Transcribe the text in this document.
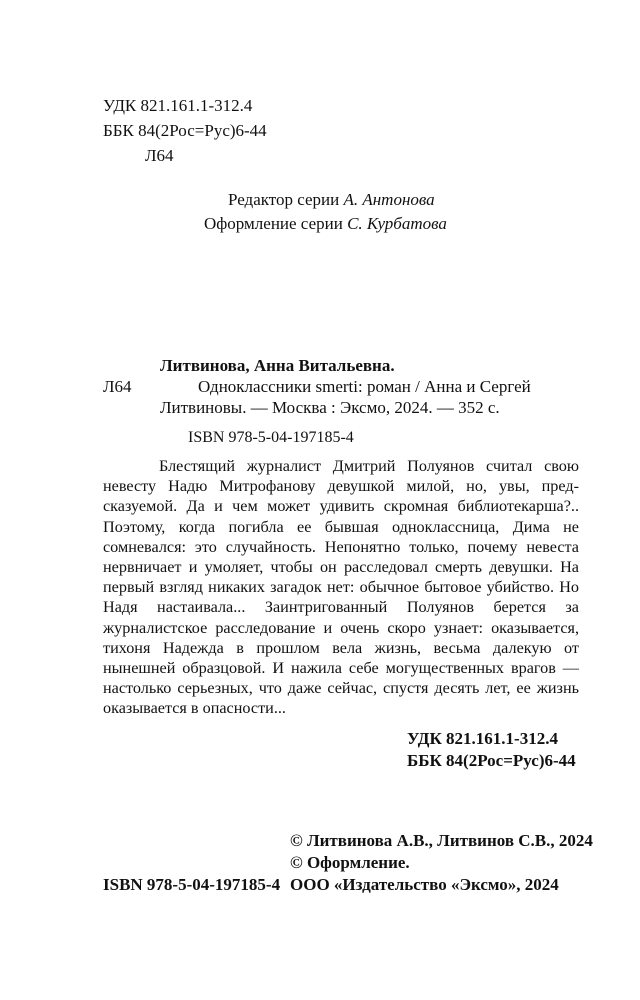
УДК 821.161.1-312.4
ББК 84(2Рос=Рус)6-44
Л64
Редактор серии А. Антонова
Оформление серии С. Курбатова
Литвинова, Анна Витальевна.
Л64	Одноклассники smerti: роман / Анна и Сергей
Литвиновы. — Москва : Эксмо, 2024. — 352 с.
ISBN 978-5-04-197185-4

Блестящий журналист Дмитрий Полуянов считал свою невесту Надю Митрофанову девушкой милой, но, увы, предсказуемой. Да и чем может удивить скромная библиотекарша?.. Поэтому, когда погибла ее бывшая одноклассница, Дима не сомневался: это случайность. Непонятно только, почему невеста нервничает и умоляет, чтобы он расследовал смерть девушки. На первый взгляд никаких загадок нет: обычное бытовое убийство. Но Надя настаивала... Заинтригованный Полуянов берется за журналистское расследование и очень скоро узнает: оказывается, тихоня Надежда в прошлом вела жизнь, весьма далекую от нынешней образцовой. И нажила себе могущественных врагов — настолько серьезных, что даже сейчас, спустя десять лет, ее жизнь оказывается в опасности...

УДК 821.161.1-312.4
ББК 84(2Рос=Рус)6-44
© Литвинова А.В., Литвинов С.В., 2024
© Оформление.
ISBN 978-5-04-197185-4 ООО «Издательство «Эксмо», 2024
